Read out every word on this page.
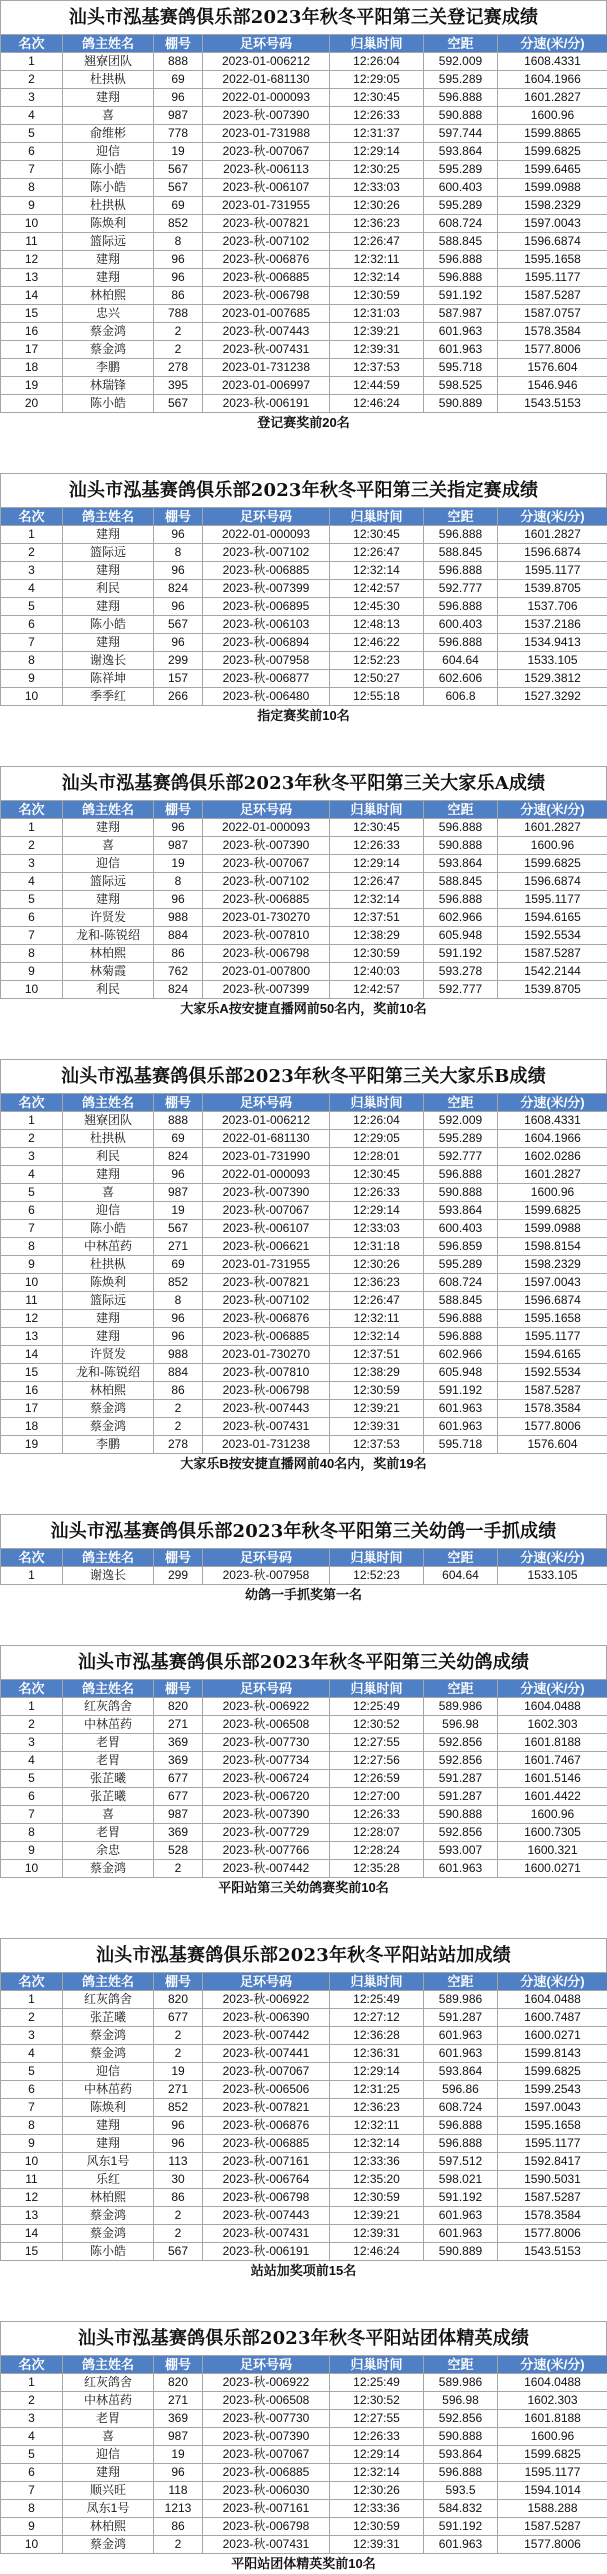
汕头市泓基赛鸽俱乐部2023年秋冬平阳第三关登记赛成绩
名次	鸽主姓名	棚号	足环号码	归巢时间	空距	分速(米/分)
1	翘寮团队	888	2023-01-006212	12:26:04	592.009	1608.4331
2	杜拱枞	69	2022-01-681130	12:29:05	595.289	1604.1966
3	建翔	96	2022-01-000093	12:30:45	596.888	1601.2827
4	喜	987	2023-秋-007390	12:26:33	590.888	1600.96
5	俞维彬	778	2023-01-731988	12:31:37	597.744	1599.8865
6	迎信	19	2023-秋-007067	12:29:14	593.864	1599.6825
7	陈小皓	567	2023-秋-006113	12:30:25	595.289	1599.6465
8	陈小皓	567	2023-秋-006107	12:33:03	600.403	1599.0988
9	杜拱枞	69	2023-01-731955	12:30:26	595.289	1598.2329
10	陈焕利	852	2023-秋-007821	12:36:23	608.724	1597.0043
11	篮际远	8	2023-秋-007102	12:26:47	588.845	1596.6874
12	建翔	96	2023-秋-006876	12:32:11	596.888	1595.1658
13	建翔	96	2023-秋-006885	12:32:14	596.888	1595.1177
14	林柏熙	86	2023-秋-006798	12:30:59	591.192	1587.5287
15	忠兴	788	2023-01-007685	12:31:03	587.987	1587.0757
16	蔡金鸿	2	2023-秋-007443	12:39:21	601.963	1578.3584
17	蔡金鸿	2	2023-秋-007431	12:39:31	601.963	1577.8006
18	李鹏	278	2023-01-731238	12:37:53	595.718	1576.604
19	林瑞锋	395	2023-01-006997	12:44:59	598.525	1546.946
20	陈小皓	567	2023-秋-006191	12:46:24	590.889	1543.5153
登记赛奖前20名
汕头市泓基赛鸽俱乐部2023年秋冬平阳第三关指定赛成绩
名次	鸽主姓名	棚号	足环号码	归巢时间	空距	分速(米/分)
1	建翔	96	2022-01-000093	12:30:45	596.888	1601.2827
2	篮际远	8	2023-秋-007102	12:26:47	588.845	1596.6874
3	建翔	96	2023-秋-006885	12:32:14	596.888	1595.1177
4	利民	824	2023-秋-007399	12:42:57	592.777	1539.8705
5	建翔	96	2023-秋-006895	12:45:30	596.888	1537.706
6	陈小皓	567	2023-秋-006103	12:48:13	600.403	1537.2186
7	建翔	96	2023-秋-006894	12:46:22	596.888	1534.9413
8	谢逸长	299	2023-秋-007958	12:52:23	604.64	1533.105
9	陈祥坤	157	2023-秋-006877	12:50:27	602.606	1529.3812
10	季季红	266	2023-秋-006480	12:55:18	606.8	1527.3292
指定赛奖前10名
汕头市泓基赛鸽俱乐部2023年秋冬平阳第三关大家乐A成绩
名次	鸽主姓名	棚号	足环号码	归巢时间	空距	分速(米/分)
1	建翔	96	2022-01-000093	12:30:45	596.888	1601.2827
2	喜	987	2023-秋-007390	12:26:33	590.888	1600.96
3	迎信	19	2023-秋-007067	12:29:14	593.864	1599.6825
4	篮际远	8	2023-秋-007102	12:26:47	588.845	1596.6874
5	建翔	96	2023-秋-006885	12:32:14	596.888	1595.1177
6	许贤发	988	2023-01-730270	12:37:51	602.966	1594.6165
7	龙和-陈锐绍	884	2023-秋-007810	12:38:29	605.948	1592.5534
8	林柏熙	86	2023-秋-006798	12:30:59	591.192	1587.5287
9	林菊霞	762	2023-01-007800	12:40:03	593.278	1542.2144
10	利民	824	2023-秋-007399	12:42:57	592.777	1539.8705
大家乐A按安捷直播网前50名内，奖前10名
汕头市泓基赛鸽俱乐部2023年秋冬平阳第三关大家乐B成绩
名次	鸽主姓名	棚号	足环号码	归巢时间	空距	分速(米/分)
1	翘寮团队	888	2023-01-006212	12:26:04	592.009	1608.4331
2	杜拱枞	69	2022-01-681130	12:29:05	595.289	1604.1966
3	利民	824	2023-01-731990	12:28:01	592.777	1602.0286
4	建翔	96	2022-01-000093	12:30:45	596.888	1601.2827
5	喜	987	2023-秋-007390	12:26:33	590.888	1600.96
6	迎信	19	2023-秋-007067	12:29:14	593.864	1599.6825
7	陈小皓	567	2023-秋-006107	12:33:03	600.403	1599.0988
8	中林茁药	271	2023-秋-006621	12:31:18	596.859	1598.8154
9	杜拱枞	69	2023-01-731955	12:30:26	595.289	1598.2329
10	陈焕利	852	2023-秋-007821	12:36:23	608.724	1597.0043
11	篮际远	8	2023-秋-007102	12:26:47	588.845	1596.6874
12	建翔	96	2023-秋-006876	12:32:11	596.888	1595.1658
13	建翔	96	2023-秋-006885	12:32:14	596.888	1595.1177
14	许贤发	988	2023-01-730270	12:37:51	602.966	1594.6165
15	龙和-陈锐绍	884	2023-秋-007810	12:38:29	605.948	1592.5534
16	林柏熙	86	2023-秋-006798	12:30:59	591.192	1587.5287
17	蔡金鸿	2	2023-秋-007443	12:39:21	601.963	1578.3584
18	蔡金鸿	2	2023-秋-007431	12:39:31	601.963	1577.8006
19	李鹏	278	2023-01-731238	12:37:53	595.718	1576.604
大家乐B按安捷直播网前40名内，奖前19名
汕头市泓基赛鸽俱乐部2023年秋冬平阳第三关幼鸽一手抓成绩
名次	鸽主姓名	棚号	足环号码	归巢时间	空距	分速(米/分)
1	谢逸长	299	2023-秋-007958	12:52:23	604.64	1533.105
幼鸽一手抓奖第一名
汕头市泓基赛鸽俱乐部2023年秋冬平阳第三关幼鸽成绩
名次	鸽主姓名	棚号	足环号码	归巢时间	空距	分速(米/分)
1	红灰鸽舍	820	2023-秋-006922	12:25:49	589.986	1604.0488
2	中林茁药	271	2023-秋-006508	12:30:52	596.98	1602.303
3	老胃	369	2023-秋-007730	12:27:55	592.856	1601.8188
4	老胃	369	2023-秋-007734	12:27:56	592.856	1601.7467
5	张芷曦	677	2023-秋-006724	12:26:59	591.287	1601.5146
6	张芷曦	677	2023-秋-006720	12:27:00	591.287	1601.4422
7	喜	987	2023-秋-007390	12:26:33	590.888	1600.96
8	老胃	369	2023-秋-007729	12:28:07	592.856	1600.7305
9	余忠	528	2023-秋-007766	12:28:24	593.007	1600.321
10	蔡金鸿	2	2023-秋-007442	12:35:28	601.963	1600.0271
平阳站第三关幼鸽赛奖前10名
汕头市泓基赛鸽俱乐部2023年秋冬平阳站站加成绩
名次	鸽主姓名	棚号	足环号码	归巢时间	空距	分速(米/分)
1	红灰鸽舍	820	2023-秋-006922	12:25:49	589.986	1604.0488
2	张芷曦	677	2023-秋-006390	12:27:12	591.287	1600.7487
3	蔡金鸿	2	2023-秋-007442	12:36:28	601.963	1600.0271
4	蔡金鸿	2	2023-秋-007441	12:36:31	601.963	1599.8143
5	迎信	19	2023-秋-007067	12:29:14	593.864	1599.6825
6	中林茁药	271	2023-秋-006506	12:31:25	596.86	1599.2543
7	陈焕利	852	2023-秋-007821	12:36:23	608.724	1597.0043
8	建翔	96	2023-秋-006876	12:32:11	596.888	1595.1658
9	建翔	96	2023-秋-006885	12:32:14	596.888	1595.1177
10	风东1号	113	2023-秋-007161	12:33:36	597.512	1592.8417
11	乐红	30	2023-秋-006764	12:35:20	598.021	1590.5031
12	林柏熙	86	2023-秋-006798	12:30:59	591.192	1587.5287
13	蔡金鸿	2	2023-秋-007443	12:39:21	601.963	1578.3584
14	蔡金鸿	2	2023-秋-007431	12:39:31	601.963	1577.8006
15	陈小皓	567	2023-秋-006191	12:46:24	590.889	1543.5153
站站加奖项前15名
汕头市泓基赛鸽俱乐部2023年秋冬平阳站团体精英成绩
名次	鸽主姓名	棚号	足环号码	归巢时间	空距	分速(米/分)
1	红灰鸽舍	820	2023-秋-006922	12:25:49	589.986	1604.0488
2	中林茁药	271	2023-秋-006508	12:30:52	596.98	1602.303
3	老胃	369	2023-秋-007730	12:27:55	592.856	1601.8188
4	喜	987	2023-秋-007390	12:26:33	590.888	1600.96
5	迎信	19	2023-秋-007067	12:29:14	593.864	1599.6825
6	建翔	96	2023-秋-006885	12:32:14	596.888	1595.1177
7	顺兴旺	118	2023-秋-006030	12:30:26	593.5	1594.1014
8	凤东1号	1213	2023-秋-007161	12:33:36	584.832	1588.288
9	林柏熙	86	2023-秋-006798	12:30:59	591.192	1587.5287
10	蔡金鸿	2	2023-秋-007431	12:39:31	601.963	1577.8006
平阳站团体精英奖前10名
